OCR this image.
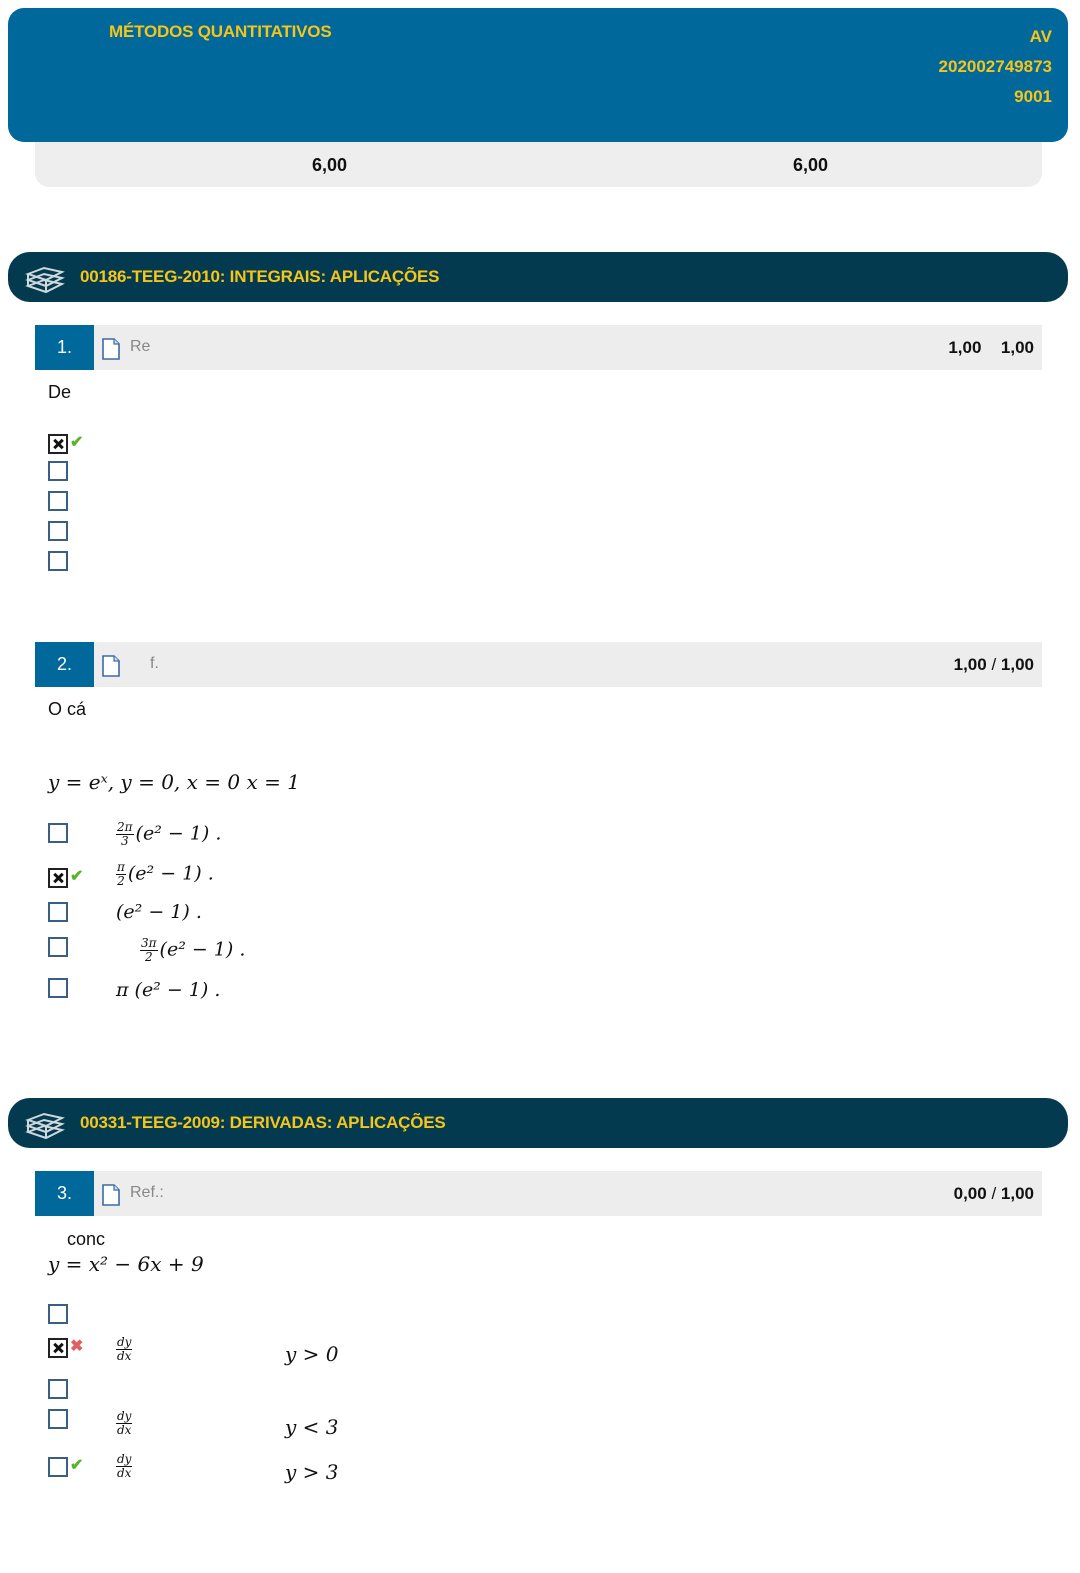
MÉTODOS QUANTITATIVOS	AV
202002749873
9001
6,00	6,00
00186-TEEG-2010: INTEGRAIS: APLICAÇÕES
1.	Re	1,00 1,00
De
✔
2.	f.	1,00 / 1,00
O cá
y = eˣ, y = 0, x = 0 x = 1
$\frac{2\pi}{3} (e^2 - 1)$ .
✔	$\frac{\pi}{2} (e^2 - 1)$ .
(e² − 1) .
$\frac{3\pi}{2} (e^2 - 1)$ .
π (e² − 1) .
00331-TEEG-2009: DERIVADAS: APLICAÇÕES
3.	Ref.:	0,00 / 1,00
conc
y = x² − 6x + 9
✖	$\frac{dy}{dx}$	y > 0
$\frac{dy}{dx}$	y < 3
✔	$\frac{dy}{dx}$	y > 3
